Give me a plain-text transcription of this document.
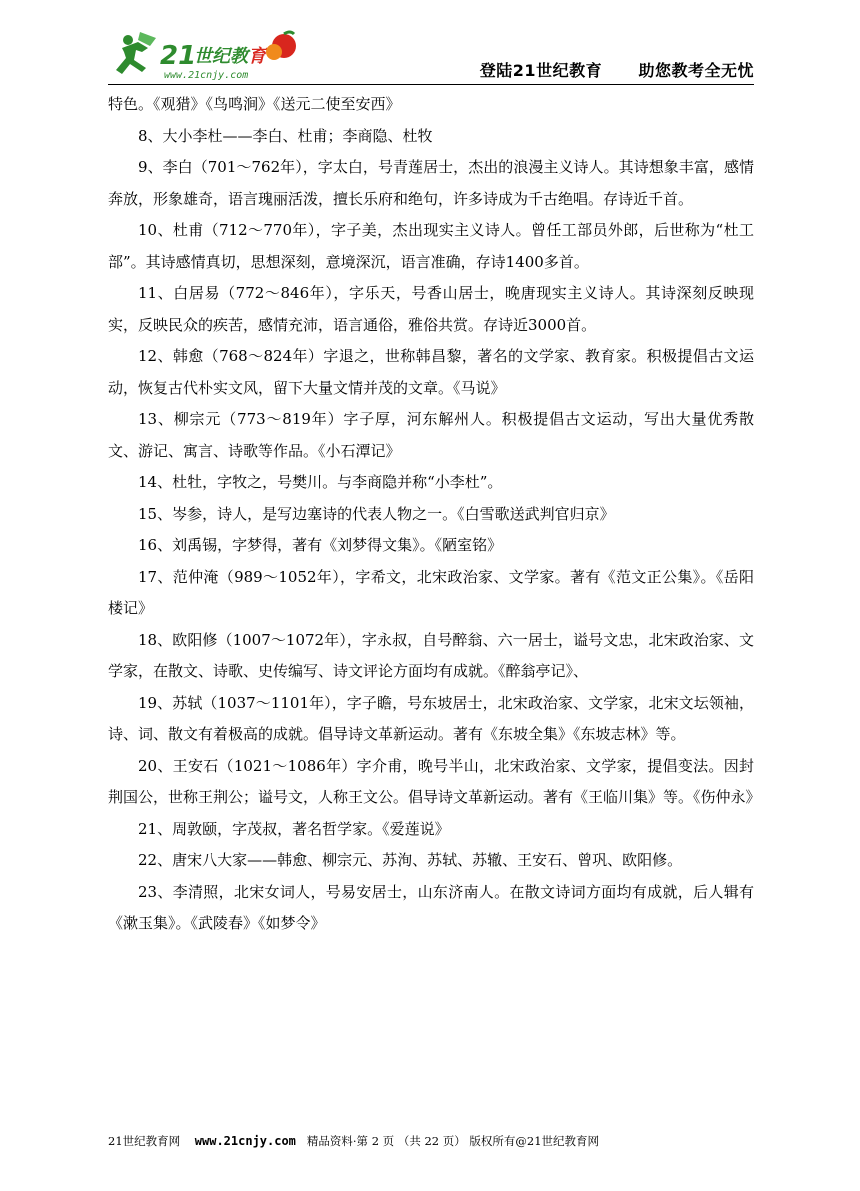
21
世纪教 育
www.21cnjy.com	登陆21世纪教育      助您教考全无忧

特色。《观猎》《鸟鸣涧》《送元二使至安西》

8、大小李杜——李白、杜甫；李商隐、杜牧

9、李白（701～762年），字太白，号青莲居士，杰出的浪漫主义诗人。其诗想象丰富，感情奔放，形象雄奇，语言瑰丽活泼，擅长乐府和绝句，许多诗成为千古绝唱。存诗近千首。

10、杜甫（712～770年），字子美，杰出现实主义诗人。曾任工部员外郎，后世称为“杜工部”。其诗感情真切，思想深刻，意境深沉，语言准确，存诗1400多首。

11、白居易（772～846年），字乐天，号香山居士，晚唐现实主义诗人。其诗深刻反映现实，反映民众的疾苦，感情充沛，语言通俗，雅俗共赏。存诗近3000首。

12、韩愈（768～824年）字退之，世称韩昌黎，著名的文学家、教育家。积极提倡古文运动，恢复古代朴实文风，留下大量文情并茂的文章。《马说》

13、柳宗元（773～819年）字子厚，河东解州人。积极提倡古文运动，写出大量优秀散文、游记、寓言、诗歌等作品。《小石潭记》

14、杜牡，字牧之，号樊川。与李商隐并称“小李杜”。

15、岑参，诗人，是写边塞诗的代表人物之一。《白雪歌送武判官归京》

16、刘禹锡，字梦得，著有《刘梦得文集》。《陋室铭》

17、范仲淹（989～1052年），字希文，北宋政治家、文学家。著有《范文正公集》。《岳阳楼记》

18、欧阳修（1007～1072年），字永叔，自号醉翁、六一居士，谥号文忠，北宋政治家、文学家，在散文、诗歌、史传编写、诗文评论方面均有成就。《醉翁亭记》、

19、苏轼（1037～1101年），字子瞻，号东坡居士，北宋政治家、文学家，北宋文坛领袖，诗、词、散文有着极高的成就。倡导诗文革新运动。著有《东坡全集》《东坡志林》等。

20、王安石（1021～1086年）字介甫，晚号半山，北宋政治家、文学家，提倡变法。因封荆国公，世称王荆公；谥号文，人称王文公。倡导诗文革新运动。著有《王临川集》等。《伤仲永》

21、周敦颐，字茂叔，著名哲学家。《爱莲说》

22、唐宋八大家——韩愈、柳宗元、苏洵、苏轼、苏辙、王安石、曾巩、欧阳修。

23、李清照，北宋女词人，号易安居士，山东济南人。在散文诗词方面均有成就，后人辑有《漱玉集》。《武陵春》《如梦令》

21世纪教育网 www.21cnjy.com 精品资料·第 2 页 （共 22 页） 版权所有@21世纪教育网
